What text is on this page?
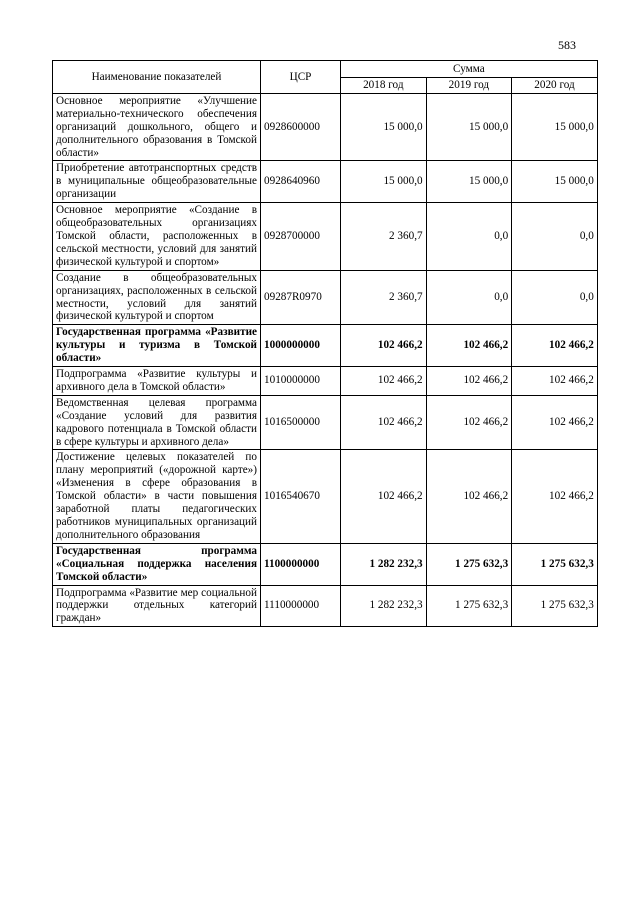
583
Наименование показателей	ЦСР	Сумма		
		2018 год	2019 год	2020 год
Основное мероприятие «Улучшение материально-технического обеспечения организаций дошкольного, общего и дополнительного образования в Томской области»	0928600000	15 000,0	15 000,0	15 000,0
Приобретение автотранспортных средств в муниципальные общеобразовательные организации	0928640960	15 000,0	15 000,0	15 000,0
Основное мероприятие «Создание в общеобразовательных организациях Томской области, расположенных в сельской местности, условий для занятий физической культурой и спортом»	0928700000	2 360,7	0,0	0,0
Создание в общеобразовательных организациях, расположенных в сельской местности, условий для занятий физической культурой и спортом	09287R0970	2 360,7	0,0	0,0
Государственная программа «Развитие культуры и туризма в Томской области»	1000000000	102 466,2	102 466,2	102 466,2
Подпрограмма «Развитие культуры и архивного дела в Томской области»	1010000000	102 466,2	102 466,2	102 466,2
Ведомственная целевая программа «Создание условий для развития кадрового потенциала в Томской области в сфере культуры и архивного дела»	1016500000	102 466,2	102 466,2	102 466,2
Достижение целевых показателей по плану мероприятий («дорожной карте») «Изменения в сфере образования в Томской области» в части повышения заработной платы педагогических работников муниципальных организаций дополнительного образования	1016540670	102 466,2	102 466,2	102 466,2
Государственная программа «Социальная поддержка населения Томской области»	1100000000	1 282 232,3	1 275 632,3	1 275 632,3
Подпрограмма «Развитие мер социальной поддержки отдельных категорий граждан»	1110000000	1 282 232,3	1 275 632,3	1 275 632,3
